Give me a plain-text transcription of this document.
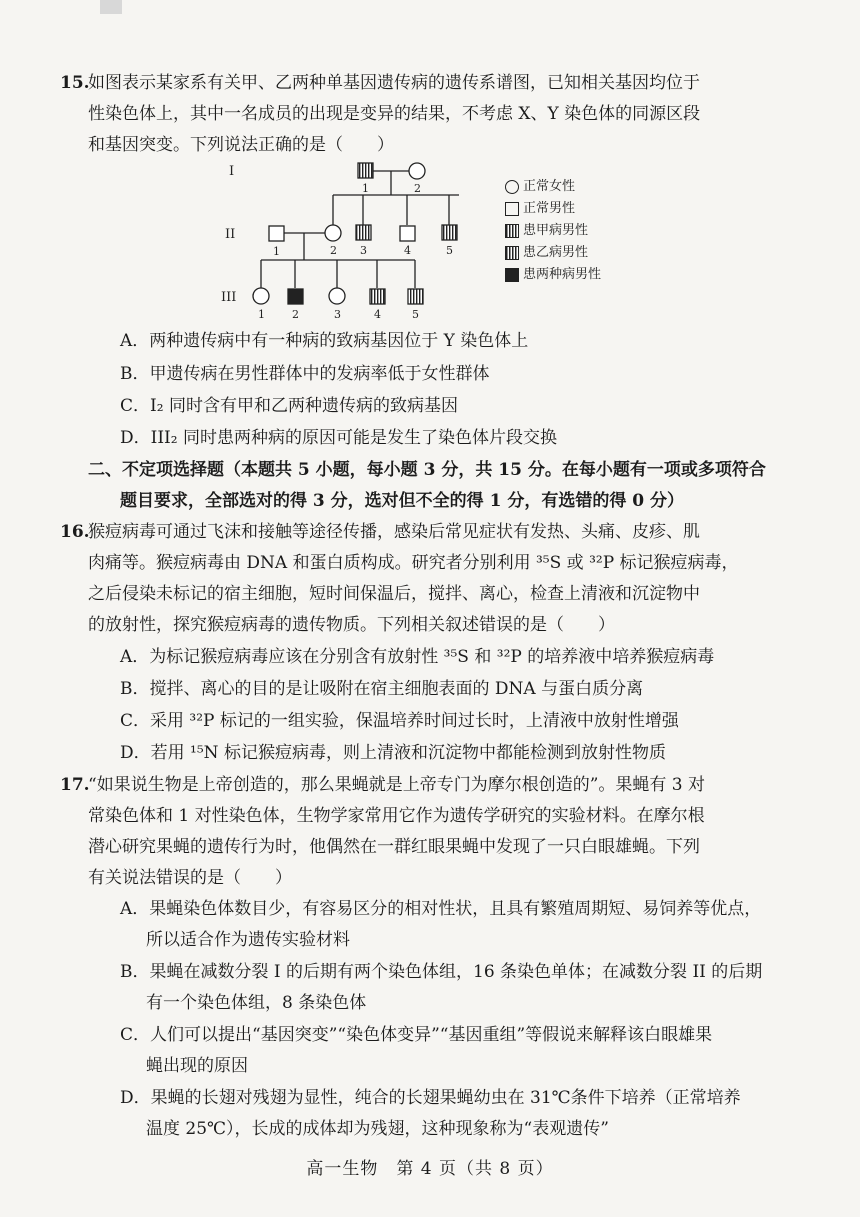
15.
如图表示某家系有关甲、乙两种单基因遗传病的遗传系谱图，已知相关基因均位于
性染色体上，其中一名成员的出现是变异的结果，不考虑 X、Y 染色体的同源区段
和基因突变。下列说法正确的是（　　）
I
II
III
1	2
1	2 3	4	5
1 2	3	4	5
正常女性
正常男性
患甲病男性
患乙病男性
患两种病男性
A．两种遗传病中有一种病的致病基因位于 Y 染色体上
B．甲遗传病在男性群体中的发病率低于女性群体
C．I₂ 同时含有甲和乙两种遗传病的致病基因
D．III₂ 同时患两种病的原因可能是发生了染色体片段交换
二、不定项选择题（本题共 5 小题，每小题 3 分，共 15 分。在每小题有一项或多项符合
题目要求，全部选对的得 3 分，选对但不全的得 1 分，有选错的得 0 分）
16.
猴痘病毒可通过飞沫和接触等途径传播，感染后常见症状有发热、头痛、皮疹、肌
肉痛等。猴痘病毒由 DNA 和蛋白质构成。研究者分别利用 ³⁵S 或 ³²P 标记猴痘病毒，
之后侵染未标记的宿主细胞，短时间保温后，搅拌、离心，检查上清液和沉淀物中
的放射性，探究猴痘病毒的遗传物质。下列相关叙述错误的是（　　）
A．为标记猴痘病毒应该在分别含有放射性 ³⁵S 和 ³²P 的培养液中培养猴痘病毒
B．搅拌、离心的目的是让吸附在宿主细胞表面的 DNA 与蛋白质分离
C．采用 ³²P 标记的一组实验，保温培养时间过长时，上清液中放射性增强
D．若用 ¹⁵N 标记猴痘病毒，则上清液和沉淀物中都能检测到放射性物质
17.
“如果说生物是上帝创造的，那么果蝇就是上帝专门为摩尔根创造的”。果蝇有 3 对
常染色体和 1 对性染色体，生物学家常用它作为遗传学研究的实验材料。在摩尔根
潜心研究果蝇的遗传行为时，他偶然在一群红眼果蝇中发现了一只白眼雄蝇。下列
有关说法错误的是（　　）
A．果蝇染色体数目少，有容易区分的相对性状，且具有繁殖周期短、易饲养等优点，
所以适合作为遗传实验材料
B．果蝇在减数分裂 I 的后期有两个染色体组，16 条染色单体；在减数分裂 II 的后期
有一个染色体组，8 条染色体
C．人们可以提出“基因突变”“染色体变异”“基因重组”等假说来解释该白眼雄果
蝇出现的原因
D．果蝇的长翅对残翅为显性，纯合的长翅果蝇幼虫在 31℃条件下培养（正常培养
温度 25℃），长成的成体却为残翅，这种现象称为“表观遗传”
高一生物　第 4 页（共 8 页）
